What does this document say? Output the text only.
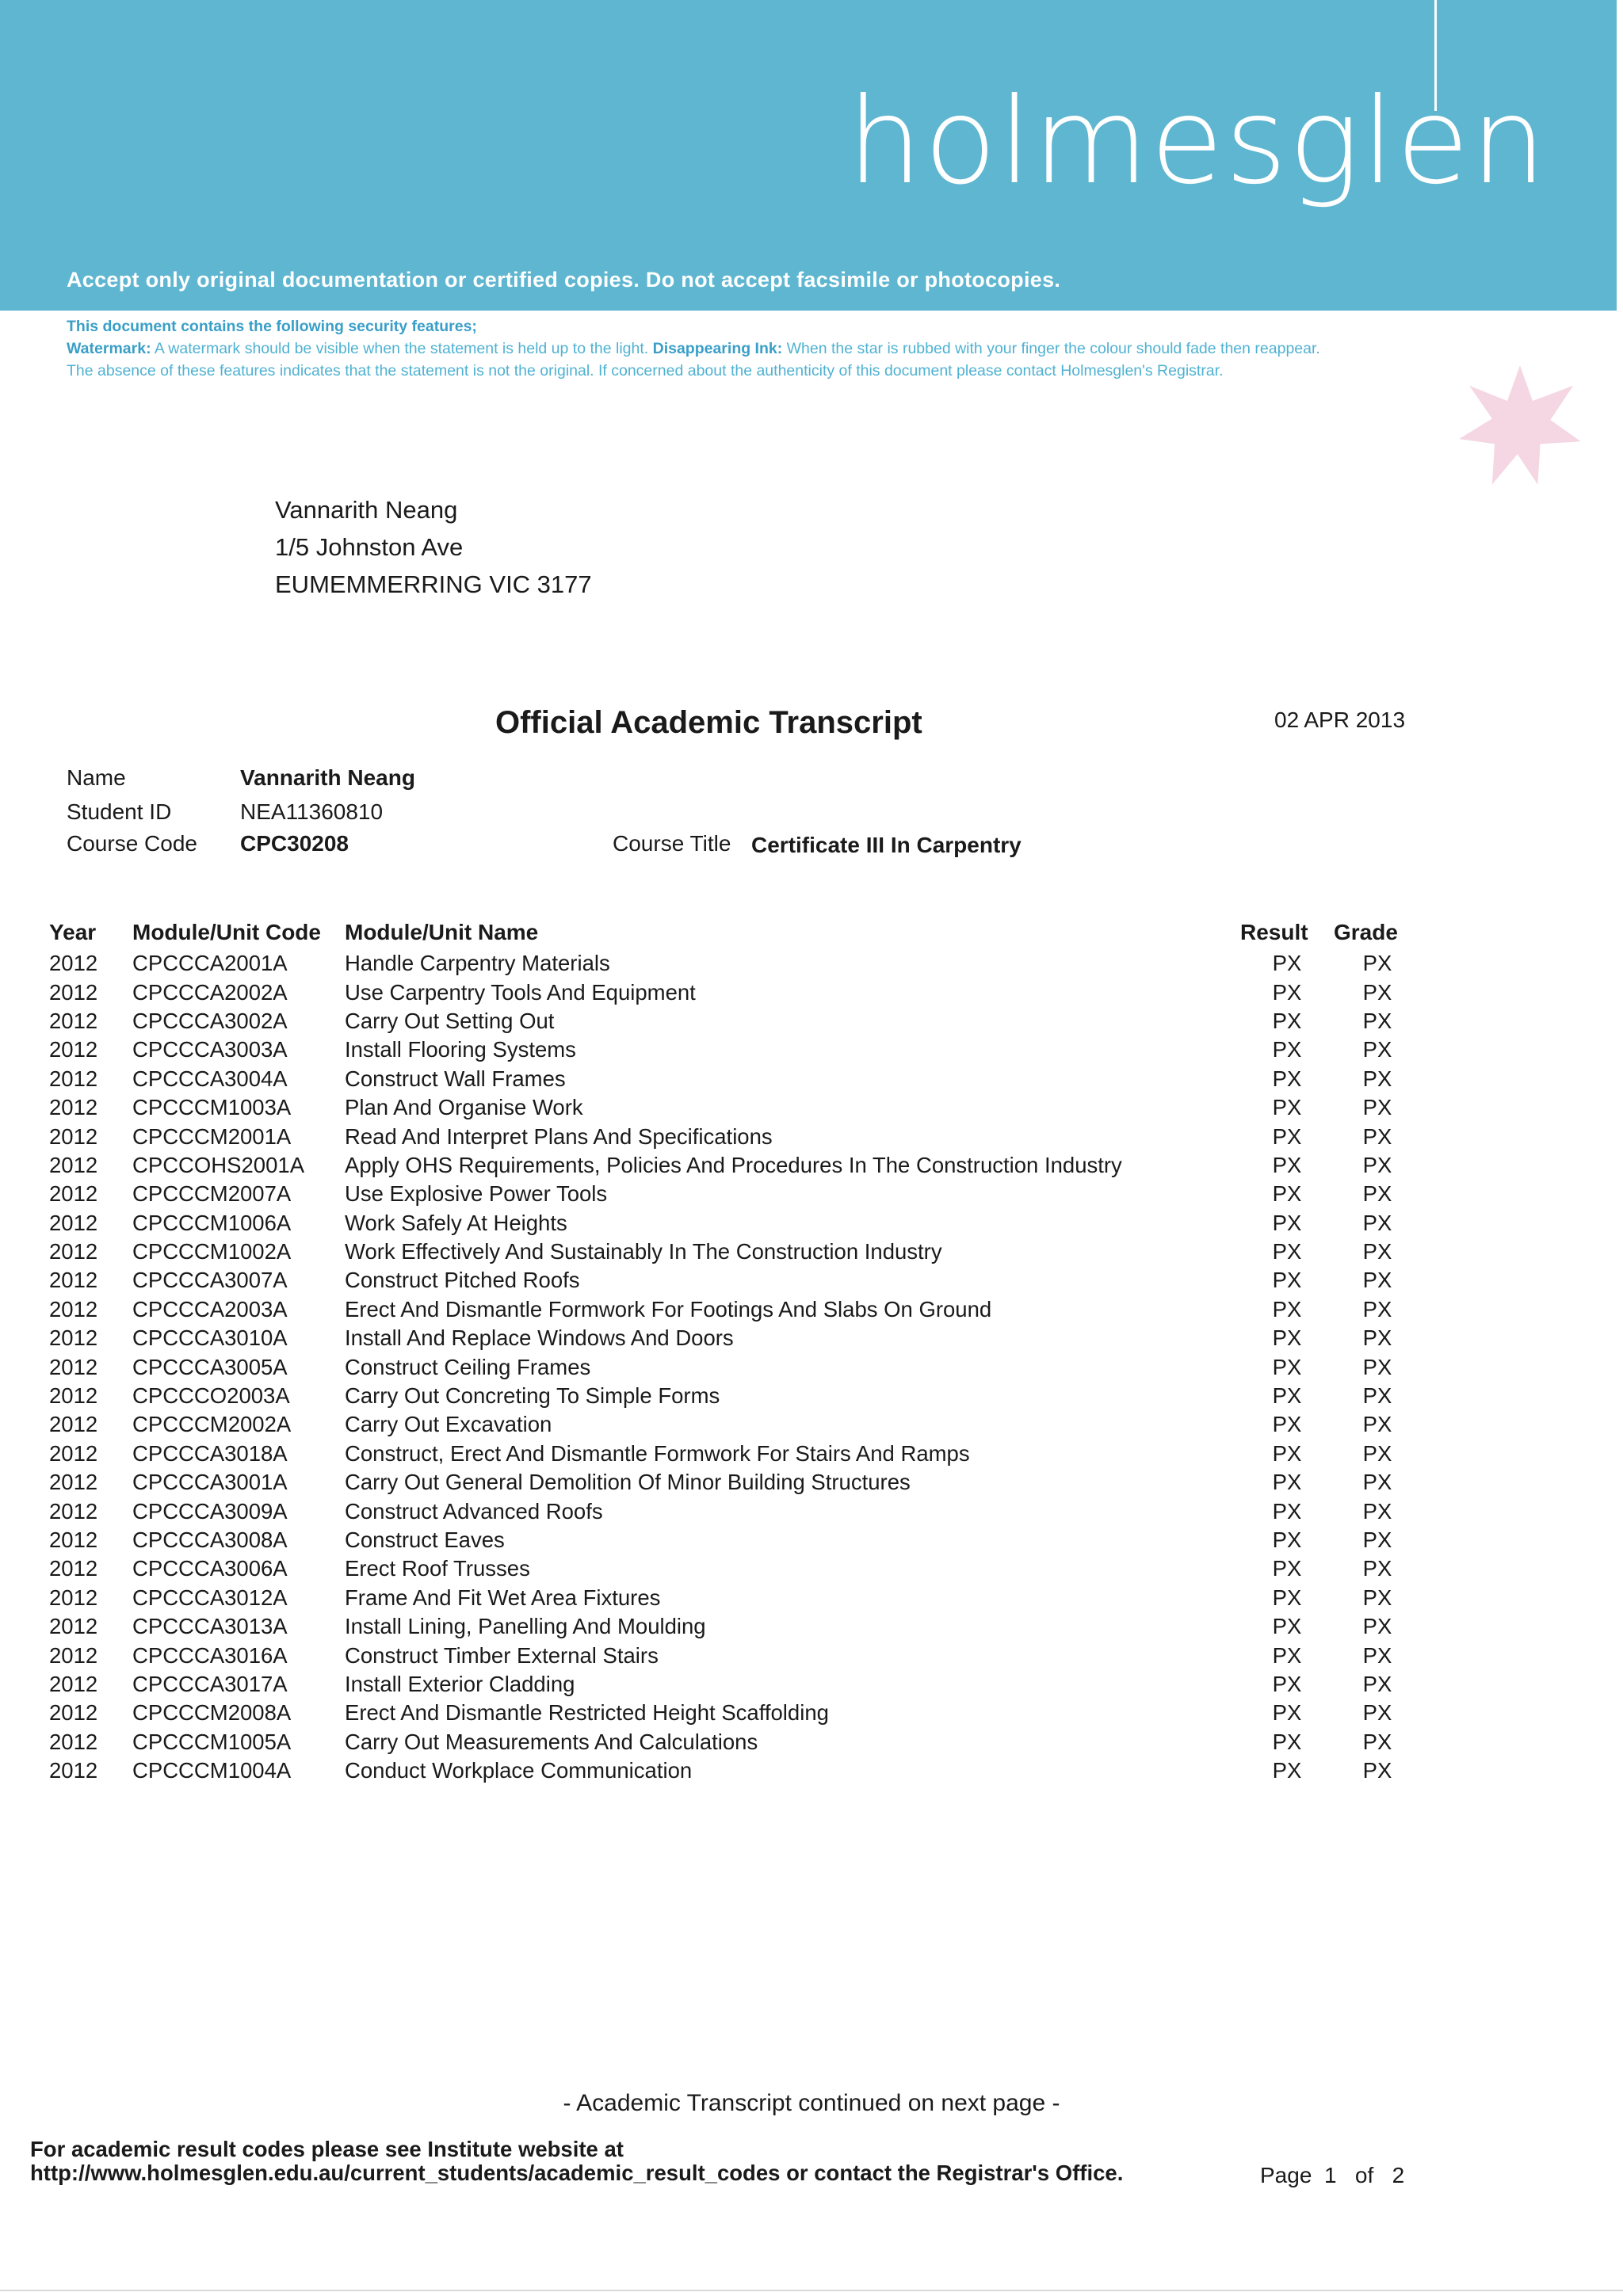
holmesglen
Accept only original documentation or certified copies. Do not accept facsimile or photocopies.
This document contains the following security features;
Watermark: A watermark should be visible when the statement is held up to the light. Disappearing Ink: When the star is rubbed with your finger the colour should fade then reappear.
The absence of these features indicates that the statement is not the original. If concerned about the authenticity of this document please contact Holmesglen's Registrar.
Vannarith Neang
1/5 Johnston Ave
EUMEMMERRING VIC 3177
Official Academic Transcript	02 APR 2013
Name	Vannarith Neang
Student ID	NEA11360810
Course Code CPC30208	Course Title Certificate III In Carpentry
Year	Module/Unit Code	Module/Unit Name	Result	Grade
2012	CPCCCA2001A	Handle Carpentry Materials	PX	PX
2012	CPCCCA2002A	Use Carpentry Tools And Equipment	PX	PX
2012	CPCCCA3002A	Carry Out Setting Out	PX	PX
2012	CPCCCA3003A	Install Flooring Systems	PX	PX
2012	CPCCCA3004A	Construct Wall Frames	PX	PX
2012	CPCCCM1003A	Plan And Organise Work	PX	PX
2012	CPCCCM2001A	Read And Interpret Plans And Specifications	PX	PX
2012	CPCCOHS2001A	Apply OHS Requirements, Policies And Procedures In The Construction Industry	PX	PX
2012	CPCCCM2007A	Use Explosive Power Tools	PX	PX
2012	CPCCCM1006A	Work Safely At Heights	PX	PX
2012	CPCCCM1002A	Work Effectively And Sustainably In The Construction Industry	PX	PX
2012	CPCCCA3007A	Construct Pitched Roofs	PX	PX
2012	CPCCCA2003A	Erect And Dismantle Formwork For Footings And Slabs On Ground	PX	PX
2012	CPCCCA3010A	Install And Replace Windows And Doors	PX	PX
2012	CPCCCA3005A	Construct Ceiling Frames	PX	PX
2012	CPCCCO2003A	Carry Out Concreting To Simple Forms	PX	PX
2012	CPCCCM2002A	Carry Out Excavation	PX	PX
2012	CPCCCA3018A	Construct, Erect And Dismantle Formwork For Stairs And Ramps	PX	PX
2012	CPCCCA3001A	Carry Out General Demolition Of Minor Building Structures	PX	PX
2012	CPCCCA3009A	Construct Advanced Roofs	PX	PX
2012	CPCCCA3008A	Construct Eaves	PX	PX
2012	CPCCCA3006A	Erect Roof Trusses	PX	PX
2012	CPCCCA3012A	Frame And Fit Wet Area Fixtures	PX	PX
2012	CPCCCA3013A	Install Lining, Panelling And Moulding	PX	PX
2012	CPCCCA3016A	Construct Timber External Stairs	PX	PX
2012	CPCCCA3017A	Install Exterior Cladding	PX	PX
2012	CPCCCM2008A	Erect And Dismantle Restricted Height Scaffolding	PX	PX
2012	CPCCCM1005A	Carry Out Measurements And Calculations	PX	PX
2012	CPCCCM1004A	Conduct Workplace Communication	PX	PX
- Academic Transcript continued on next page -
For academic result codes please see Institute website at
http://www.holmesglen.edu.au/current_students/academic_result_codes or contact the Registrar's Office.	Page 1 of 2
